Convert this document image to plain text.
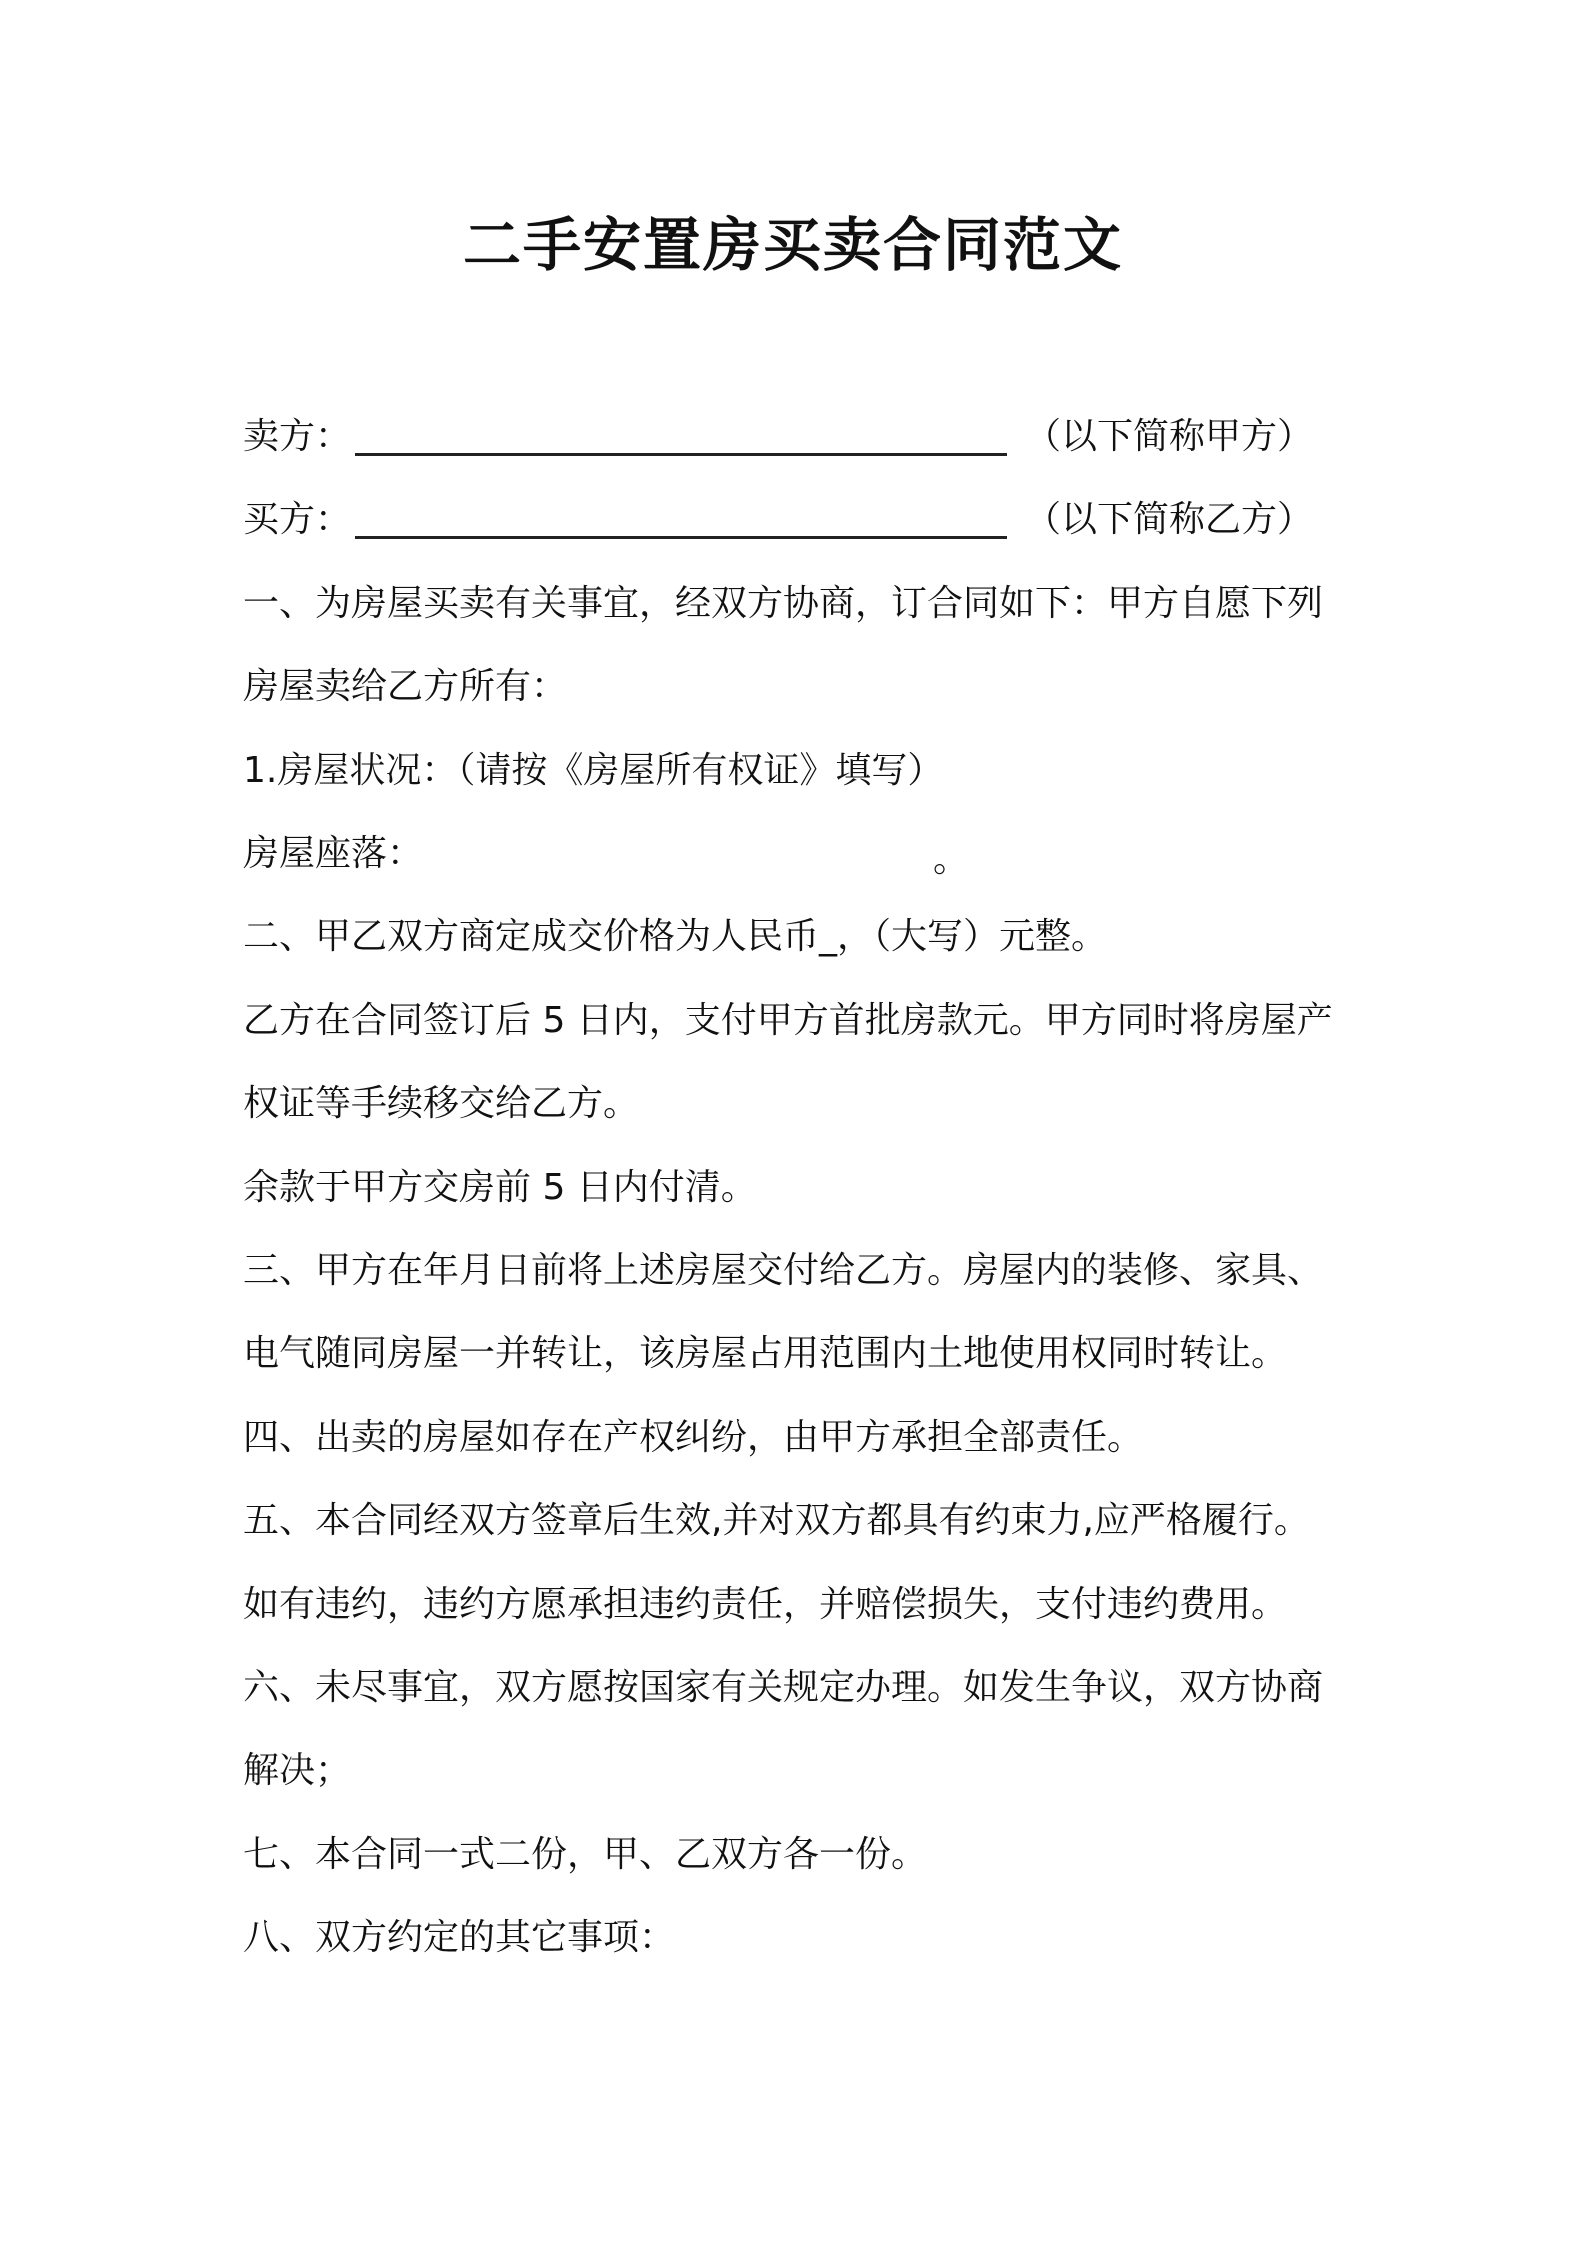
二手安置房买卖合同范文
卖方：	（以下简称甲方）
买方：	（以下简称乙方）
一、为房屋买卖有关事宜，经双方协商，订合同如下：甲方自愿下列
房屋卖给乙方所有：
1.房屋状况：（请按《房屋所有权证》填写）
房屋座落：	。
二、甲乙双方商定成交价格为人民币_，（大写）元整。
乙方在合同签订后 5 日内，支付甲方首批房款元。甲方同时将房屋产
权证等手续移交给乙方。
余款于甲方交房前 5 日内付清。
三、甲方在年月日前将上述房屋交付给乙方。房屋内的装修、家具、
电气随同房屋一并转让，该房屋占用范围内土地使用权同时转让。
四、出卖的房屋如存在产权纠纷，由甲方承担全部责任。
五、本合同经双方签章后生效,并对双方都具有约束力,应严格履行。
如有违约，违约方愿承担违约责任，并赔偿损失，支付违约费用。
六、未尽事宜，双方愿按国家有关规定办理。如发生争议，双方协商
解决；
七、本合同一式二份，甲、乙双方各一份。
八、双方约定的其它事项：
